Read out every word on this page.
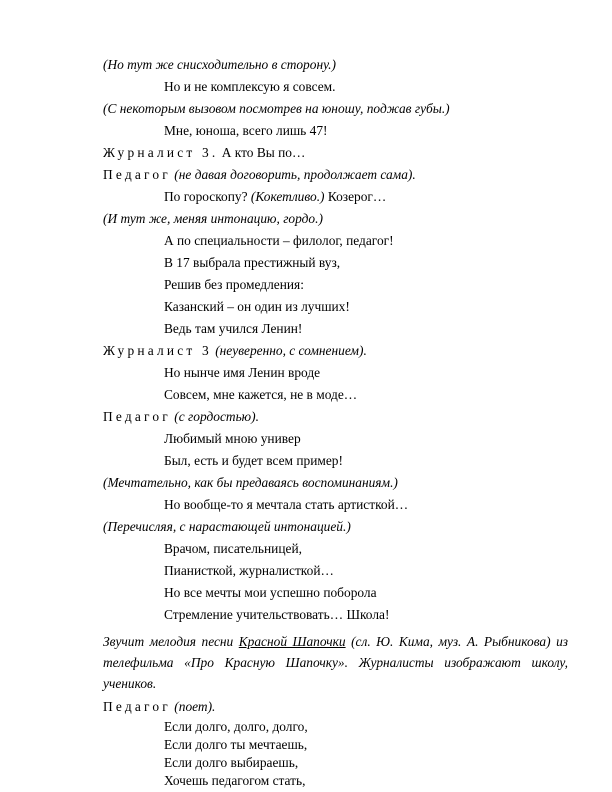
(Но тут же снисходительно в сторону.)
Но и не комплексую я совсем.
(С некоторым вызовом посмотрев на юношу, поджав губы.)
Мне, юноша, всего лишь 47!
Журналист 3. А кто Вы по…
Педагог (не давая договорить, продолжает сама).
По гороскопу? (Кокетливо.) Козерог…
(И тут же, меняя интонацию, гордо.)
А по специальности – филолог, педагог!
В 17 выбрала престижный вуз,
Решив без промедления:
Казанский – он один из лучших!
Ведь там учился Ленин!
Журналист 3 (неуверенно, с сомнением).
Но нынче имя Ленин вроде
Совсем, мне кажется, не в моде…
Педагог (с гордостью).
Любимый мною универ
Был, есть и будет всем пример!
(Мечтательно, как бы предаваясь воспоминаниям.)
Но вообще-то я мечтала стать артисткой…
(Перечисляя, с нарастающей интонацией.)
Врачом, писательницей,
Пианисткой, журналисткой…
Но все мечты мои успешно поборола
Стремление учительствовать… Школа!

Звучит мелодия песни Красной Шапочки (сл. Ю. Кима, муз. А. Рыбникова) из телефильма «Про Красную Шапочку». Журналисты изображают школу, учеников.

Педагог (поет).
Если долго, долго, долго,
Если долго ты мечтаешь,
Если долго выбираешь,
Хочешь педагогом стать,
